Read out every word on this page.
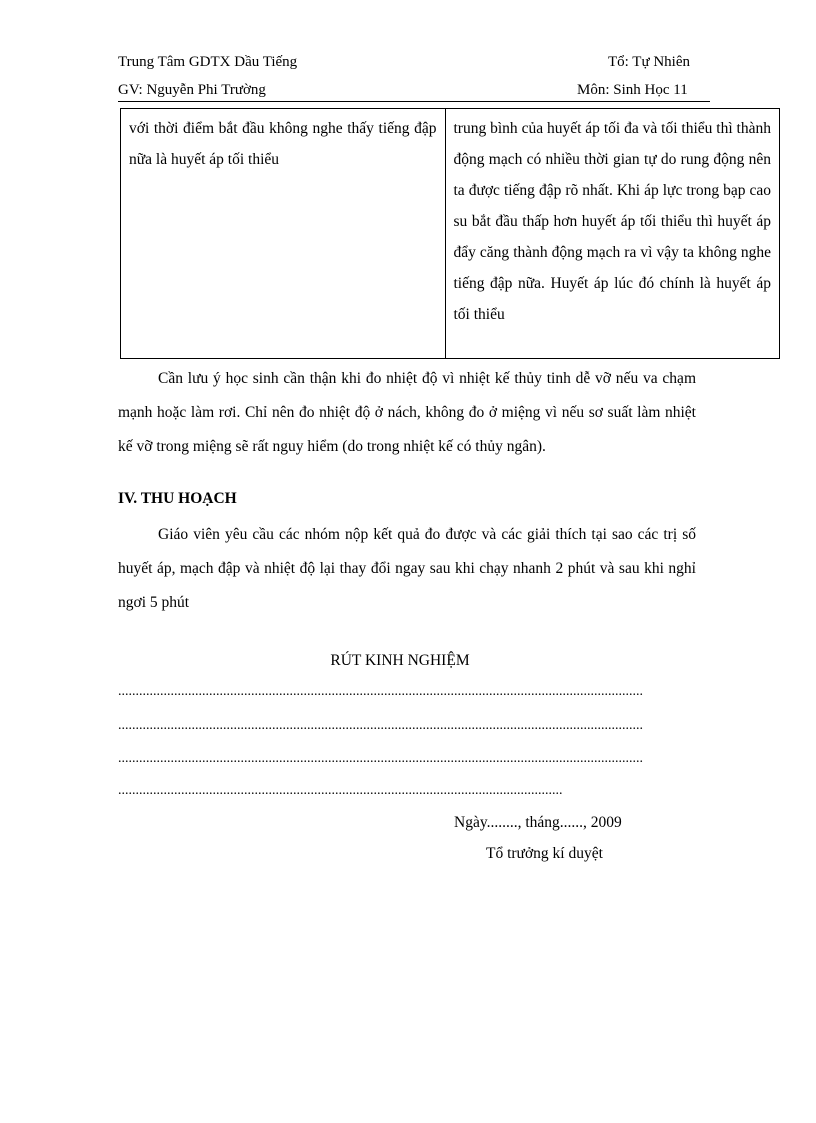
Trung Tâm GDTX Dầu Tiếng	Tổ: Tự Nhiên
GV: Nguyễn Phi Trường	Môn: Sinh Học 11
với thời điểm bắt đầu không nghe thấy tiếng đập nữa là huyết áp tối thiểu	trung bình của huyết áp tối đa và tối thiểu thì thành động mạch có nhiều thời gian tự do rung động nên ta được tiếng đập rõ nhất. Khi áp lực trong bạp cao su bắt đầu thấp hơn huyết áp tối thiểu thì huyết áp đẩy căng thành động mạch ra vì vậy ta không nghe tiếng đập nữa. Huyết áp lúc đó chính là huyết áp tối thiểu

Cần lưu ý học sinh cần thận khi đo nhiệt độ vì nhiệt kế thủy tinh dễ vỡ nếu va chạm mạnh hoặc làm rơi. Chỉ nên đo nhiệt độ ở nách, không đo ở miệng vì nếu sơ suất làm nhiệt kế vỡ trong miệng sẽ rất nguy hiểm (do trong nhiệt kế có thủy ngân).

IV. THU HOẠCH

Giáo viên yêu cầu các nhóm nộp kết quả đo được và các giải thích tại sao các trị số huyết áp, mạch đập và nhiệt độ lại thay đổi ngay sau khi chạy nhanh 2 phút và sau khi nghỉ ngơi 5 phút

RÚT KINH NGHIỆM
......................................................................................................................................................
......................................................................................................................................................
......................................................................................................................................................
...............................................................................................................................
Ngày........, tháng......, 2009
Tổ trưởng kí duyệt
